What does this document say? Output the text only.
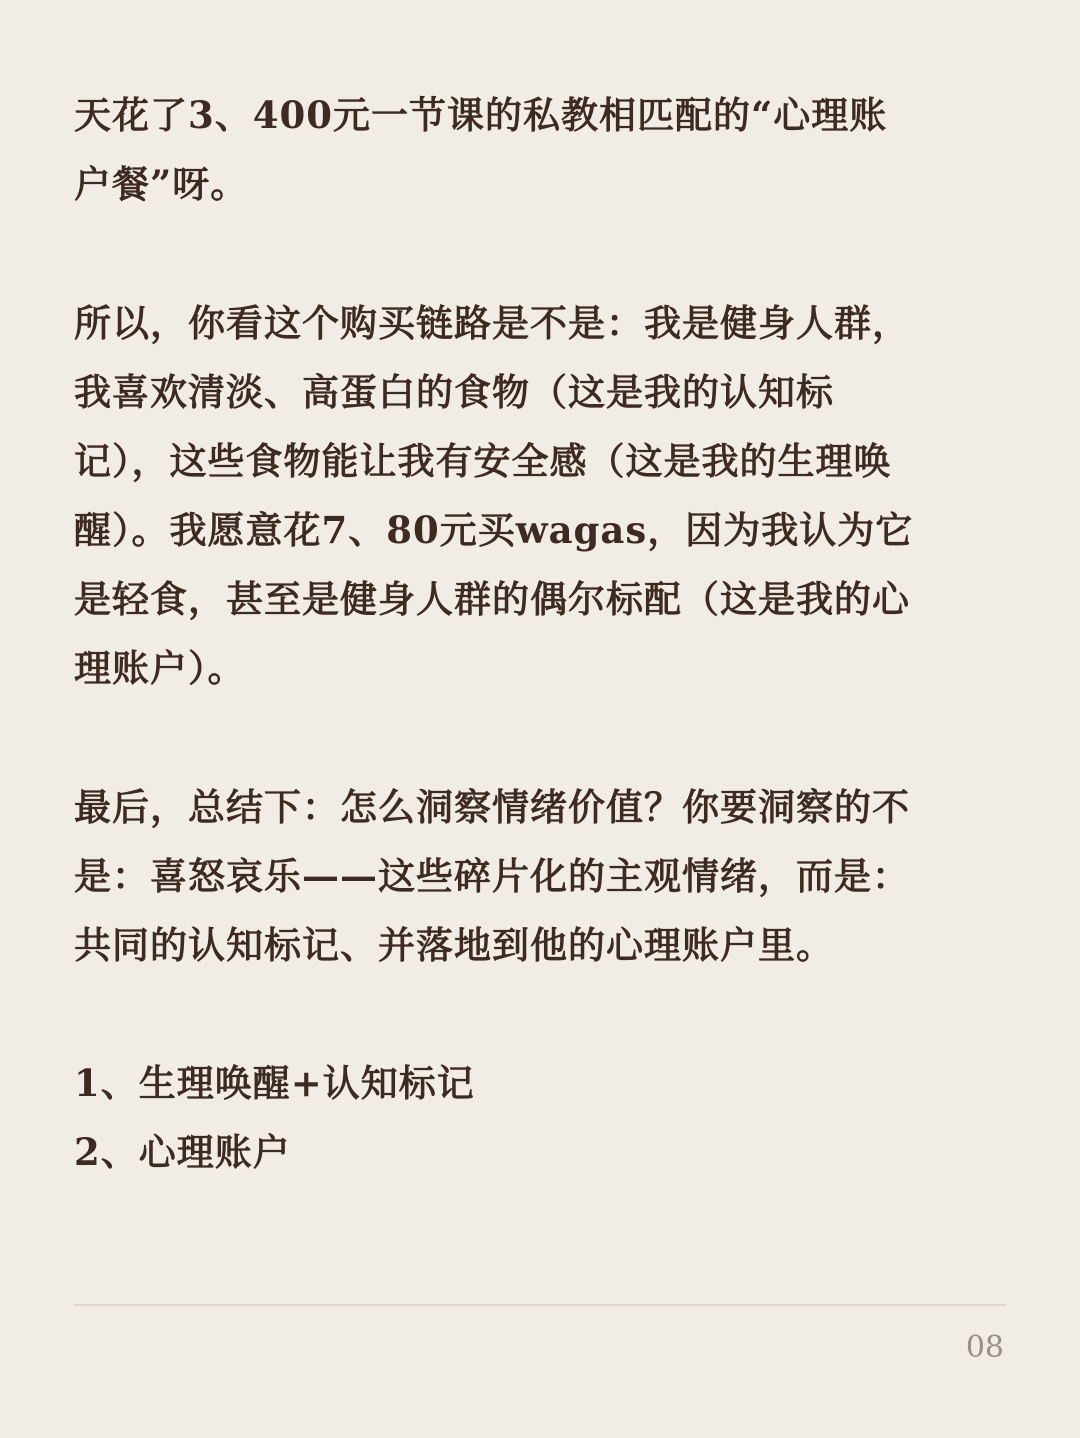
天花了3、400元一节课的私教相匹配的“心理账
户餐”呀。

所以，你看这个购买链路是不是：我是健身人群，
我喜欢清淡、高蛋白的食物（这是我的认知标
记），这些食物能让我有安全感（这是我的生理唤
醒）。我愿意花7、80元买wagas，因为我认为它
是轻食，甚至是健身人群的偶尔标配（这是我的心
理账户）。

最后，总结下：怎么洞察情绪价值？你要洞察的不
是：喜怒哀乐——这些碎片化的主观情绪，而是：
共同的认知标记、并落地到他的心理账户里。

1、生理唤醒+认知标记
2、心理账户

08
